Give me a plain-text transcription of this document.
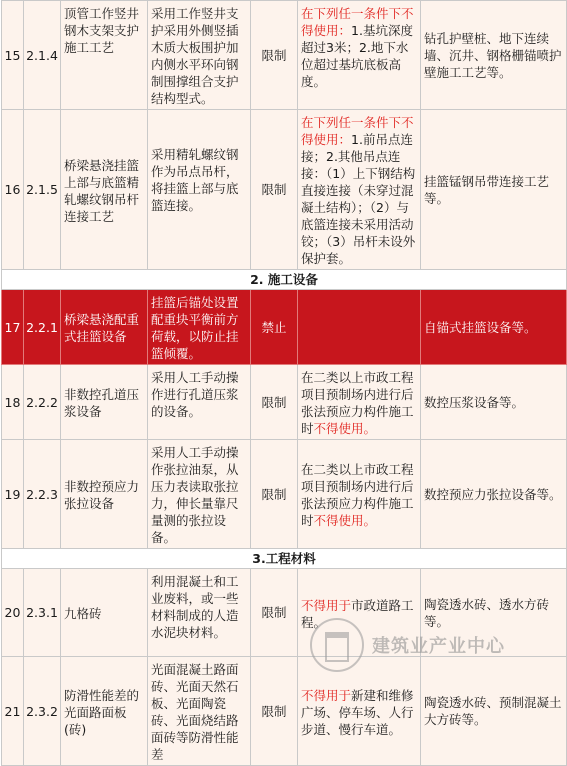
15	2.1.4	顶管工作竖井钢木支架支护施工工艺	采用工作竖井支护采用外侧竖插木质大板围护加内侧水平环向钢制围撑组合支护结构型式。	限制	在下列任一条件下不得使用：1.基坑深度超过3米；2.地下水位超过基坑底板高度。	钻孔护壁桩、地下连续墙、沉井、钢格栅锚喷护壁施工工艺等。
16	2.1.5	桥梁悬浇挂篮上部与底篮精轧螺纹钢吊杆连接工艺	采用精轧螺纹钢作为吊点吊杆，将挂篮上部与底篮连接。	限制	在下列任一条件下不得使用：1.前吊点连接；2.其他吊点连接：（1）上下钢结构直接连接（未穿过混凝土结构）；（2）与底篮连接未采用活动铰；（3）吊杆未设外保护套。	挂篮锰钢吊带连接工艺等。
2. 施工设备						
17	2.2.1	桥梁悬浇配重式挂篮设备	挂篮后锚处设置配重块平衡前方荷载，以防止挂篮倾覆。	禁止		自锚式挂篮设备等。
18	2.2.2	非数控孔道压浆设备	采用人工手动操作进行孔道压浆的设备。	限制	在二类以上市政工程项目预制场内进行后张法预应力构件施工时不得使用。	数控压浆设备等。
19	2.2.3	非数控预应力张拉设备	采用人工手动操作张拉油泵，从压力表读取张拉力，伸长量靠尺量测的张拉设备。	限制	在二类以上市政工程项目预制场内进行后张法预应力构件施工时不得使用。	数控预应力张拉设备等。
3.工程材料						
20	2.3.1	九格砖	利用混凝土和工业废料，或一些材料制成的人造水泥块材料。	限制	不得用于市政道路工程。	陶瓷透水砖、透水方砖等。
21	2.3.2	防滑性能差的光面路面板(砖)	光面混凝土路面砖、光面天然石板、光面陶瓷砖、光面烧结路面砖等防滑性能差	限制	不得用于新建和维修广场、停车场、人行步道、慢行车道。	陶瓷透水砖、预制混凝土大方砖等。
建筑业产业中心
